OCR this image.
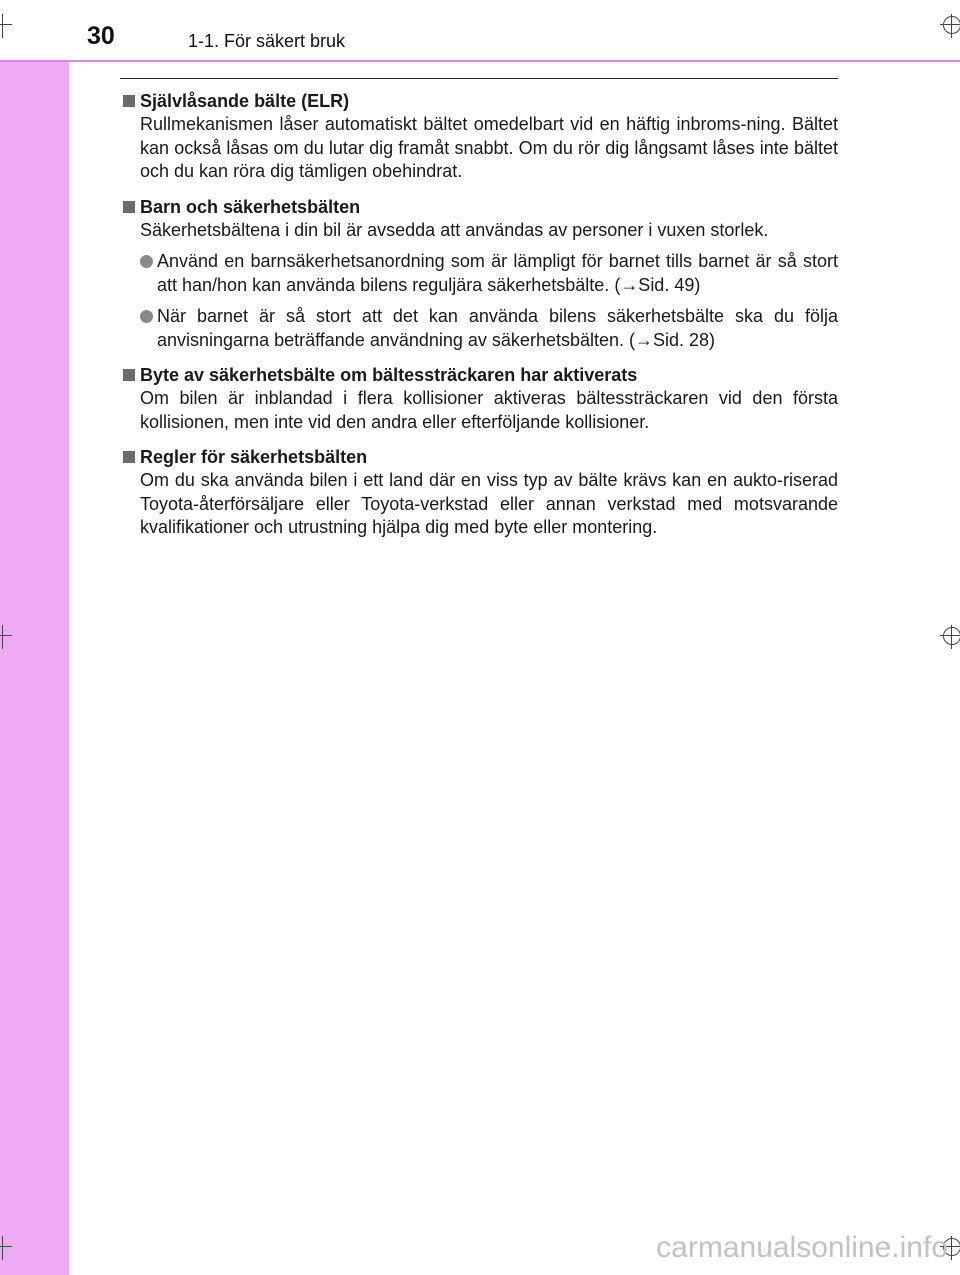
30	1-1. För säkert bruk
Självlåsande bälte (ELR)
Rullmekanismen låser automatiskt bältet omedelbart vid en häftig inbroms-ning. Bältet kan också låsas om du lutar dig framåt snabbt. Om du rör dig långsamt låses inte bältet och du kan röra dig tämligen obehindrat.
Barn och säkerhetsbälten
Säkerhetsbältena i din bil är avsedda att användas av personer i vuxen storlek.
Använd en barnsäkerhetsanordning som är lämpligt för barnet tills barnet är så stort att han/hon kan använda bilens reguljära säkerhetsbälte. (→Sid. 49)
När barnet är så stort att det kan använda bilens säkerhetsbälte ska du följa anvisningarna beträffande användning av säkerhetsbälten. (→Sid. 28)
Byte av säkerhetsbälte om bältessträckaren har aktiverats
Om bilen är inblandad i flera kollisioner aktiveras bältessträckaren vid den första kollisionen, men inte vid den andra eller efterföljande kollisioner.
Regler för säkerhetsbälten
Om du ska använda bilen i ett land där en viss typ av bälte krävs kan en aukto-riserad Toyota-återförsäljare eller Toyota-verkstad eller annan verkstad med motsvarande kvalifikationer och utrustning hjälpa dig med byte eller montering.
carmanualsonline.info
